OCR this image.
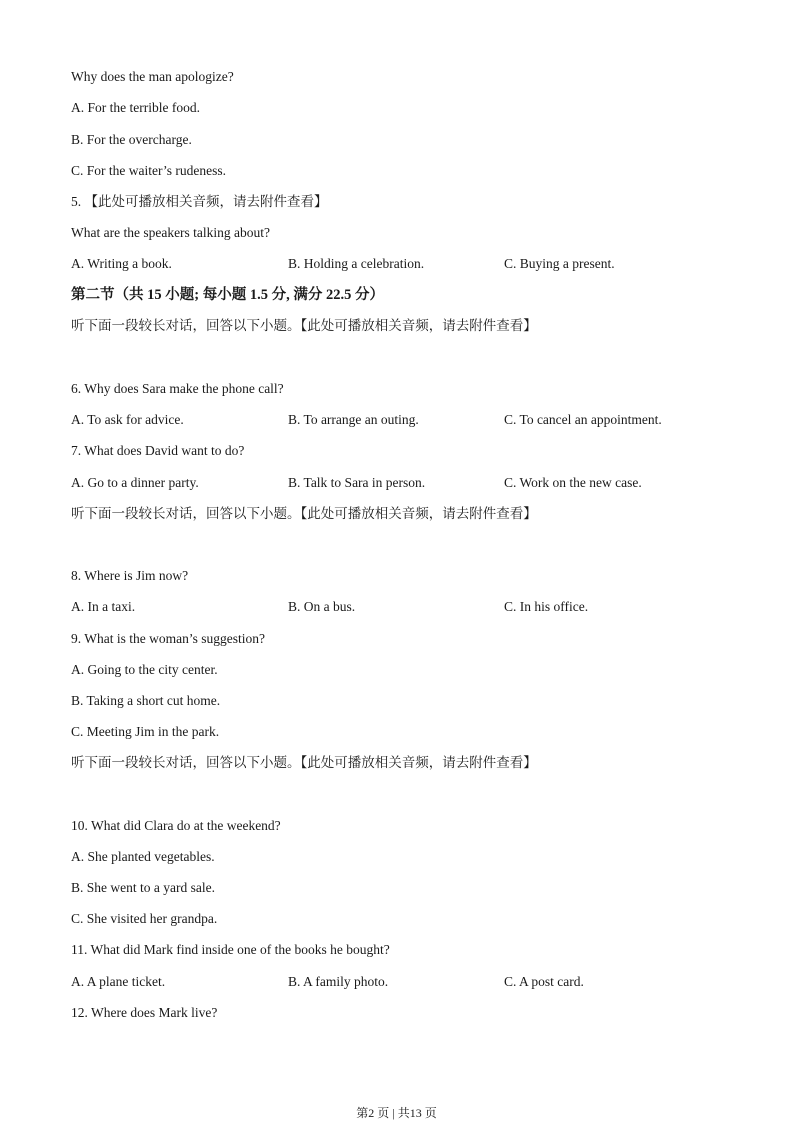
Why does the man apologize?
A. For the terrible food.
B. For the overcharge.
C. For the waiter’s rudeness.
5. 【此处可播放相关音频，请去附件查看】
What are the speakers talking about?
A. Writing a book.	B. Holding a celebration.	C. Buying a present.
第二节（共 15 小题; 每小题 1.5 分, 满分 22.5 分）
听下面一段较长对话，回答以下小题。【此处可播放相关音频，请去附件查看】
6. Why does Sara make the phone call?
A. To ask for advice.	B. To arrange an outing.	C. To cancel an appointment.
7. What does David want to do?
A. Go to a dinner party.	B. Talk to Sara in person.	C. Work on the new case.
听下面一段较长对话，回答以下小题。【此处可播放相关音频，请去附件查看】
8. Where is Jim now?
A. In a taxi.	B. On a bus.	C. In his office.
9. What is the woman’s suggestion?
A. Going to the city center.
B. Taking a short cut home.
C. Meeting Jim in the park.
听下面一段较长对话，回答以下小题。【此处可播放相关音频，请去附件查看】
10. What did Clara do at the weekend?
A. She planted vegetables.
B. She went to a yard sale.
C. She visited her grandpa.
11. What did Mark find inside one of the books he bought?
A. A plane ticket.	B. A family photo.	C. A post card.
12. Where does Mark live?
第2 页 | 共13 页
